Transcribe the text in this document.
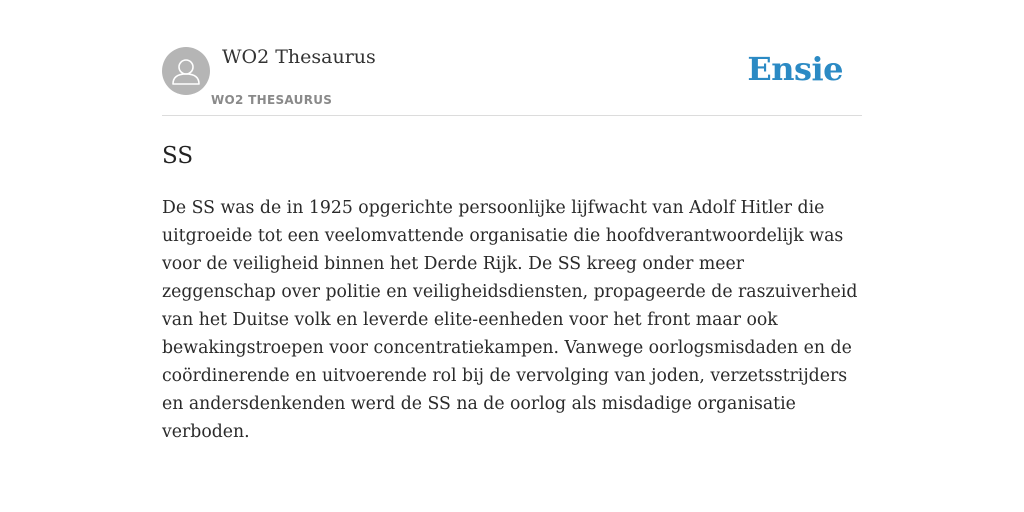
WO2 Thesaurus
WO2 THESAURUS
Ensie
SS

De SS was de in 1925 opgerichte persoonlijke lijfwacht van Adolf Hitler die uitgroeide tot een veelomvattende organisatie die hoofdverantwoordelijk was voor de veiligheid binnen het Derde Rijk. De SS kreeg onder meer zeggenschap over politie en veiligheidsdiensten, propageerde de raszuiverheid van het Duitse volk en leverde elite-eenheden voor het front maar ook bewakingstroepen voor concentratiekampen. Vanwege oorlogsmisdaden en de coördinerende en uitvoerende rol bij de vervolging van joden, verzetsstrijders en andersdenkenden werd de SS na de oorlog als misdadige organisatie verboden.
